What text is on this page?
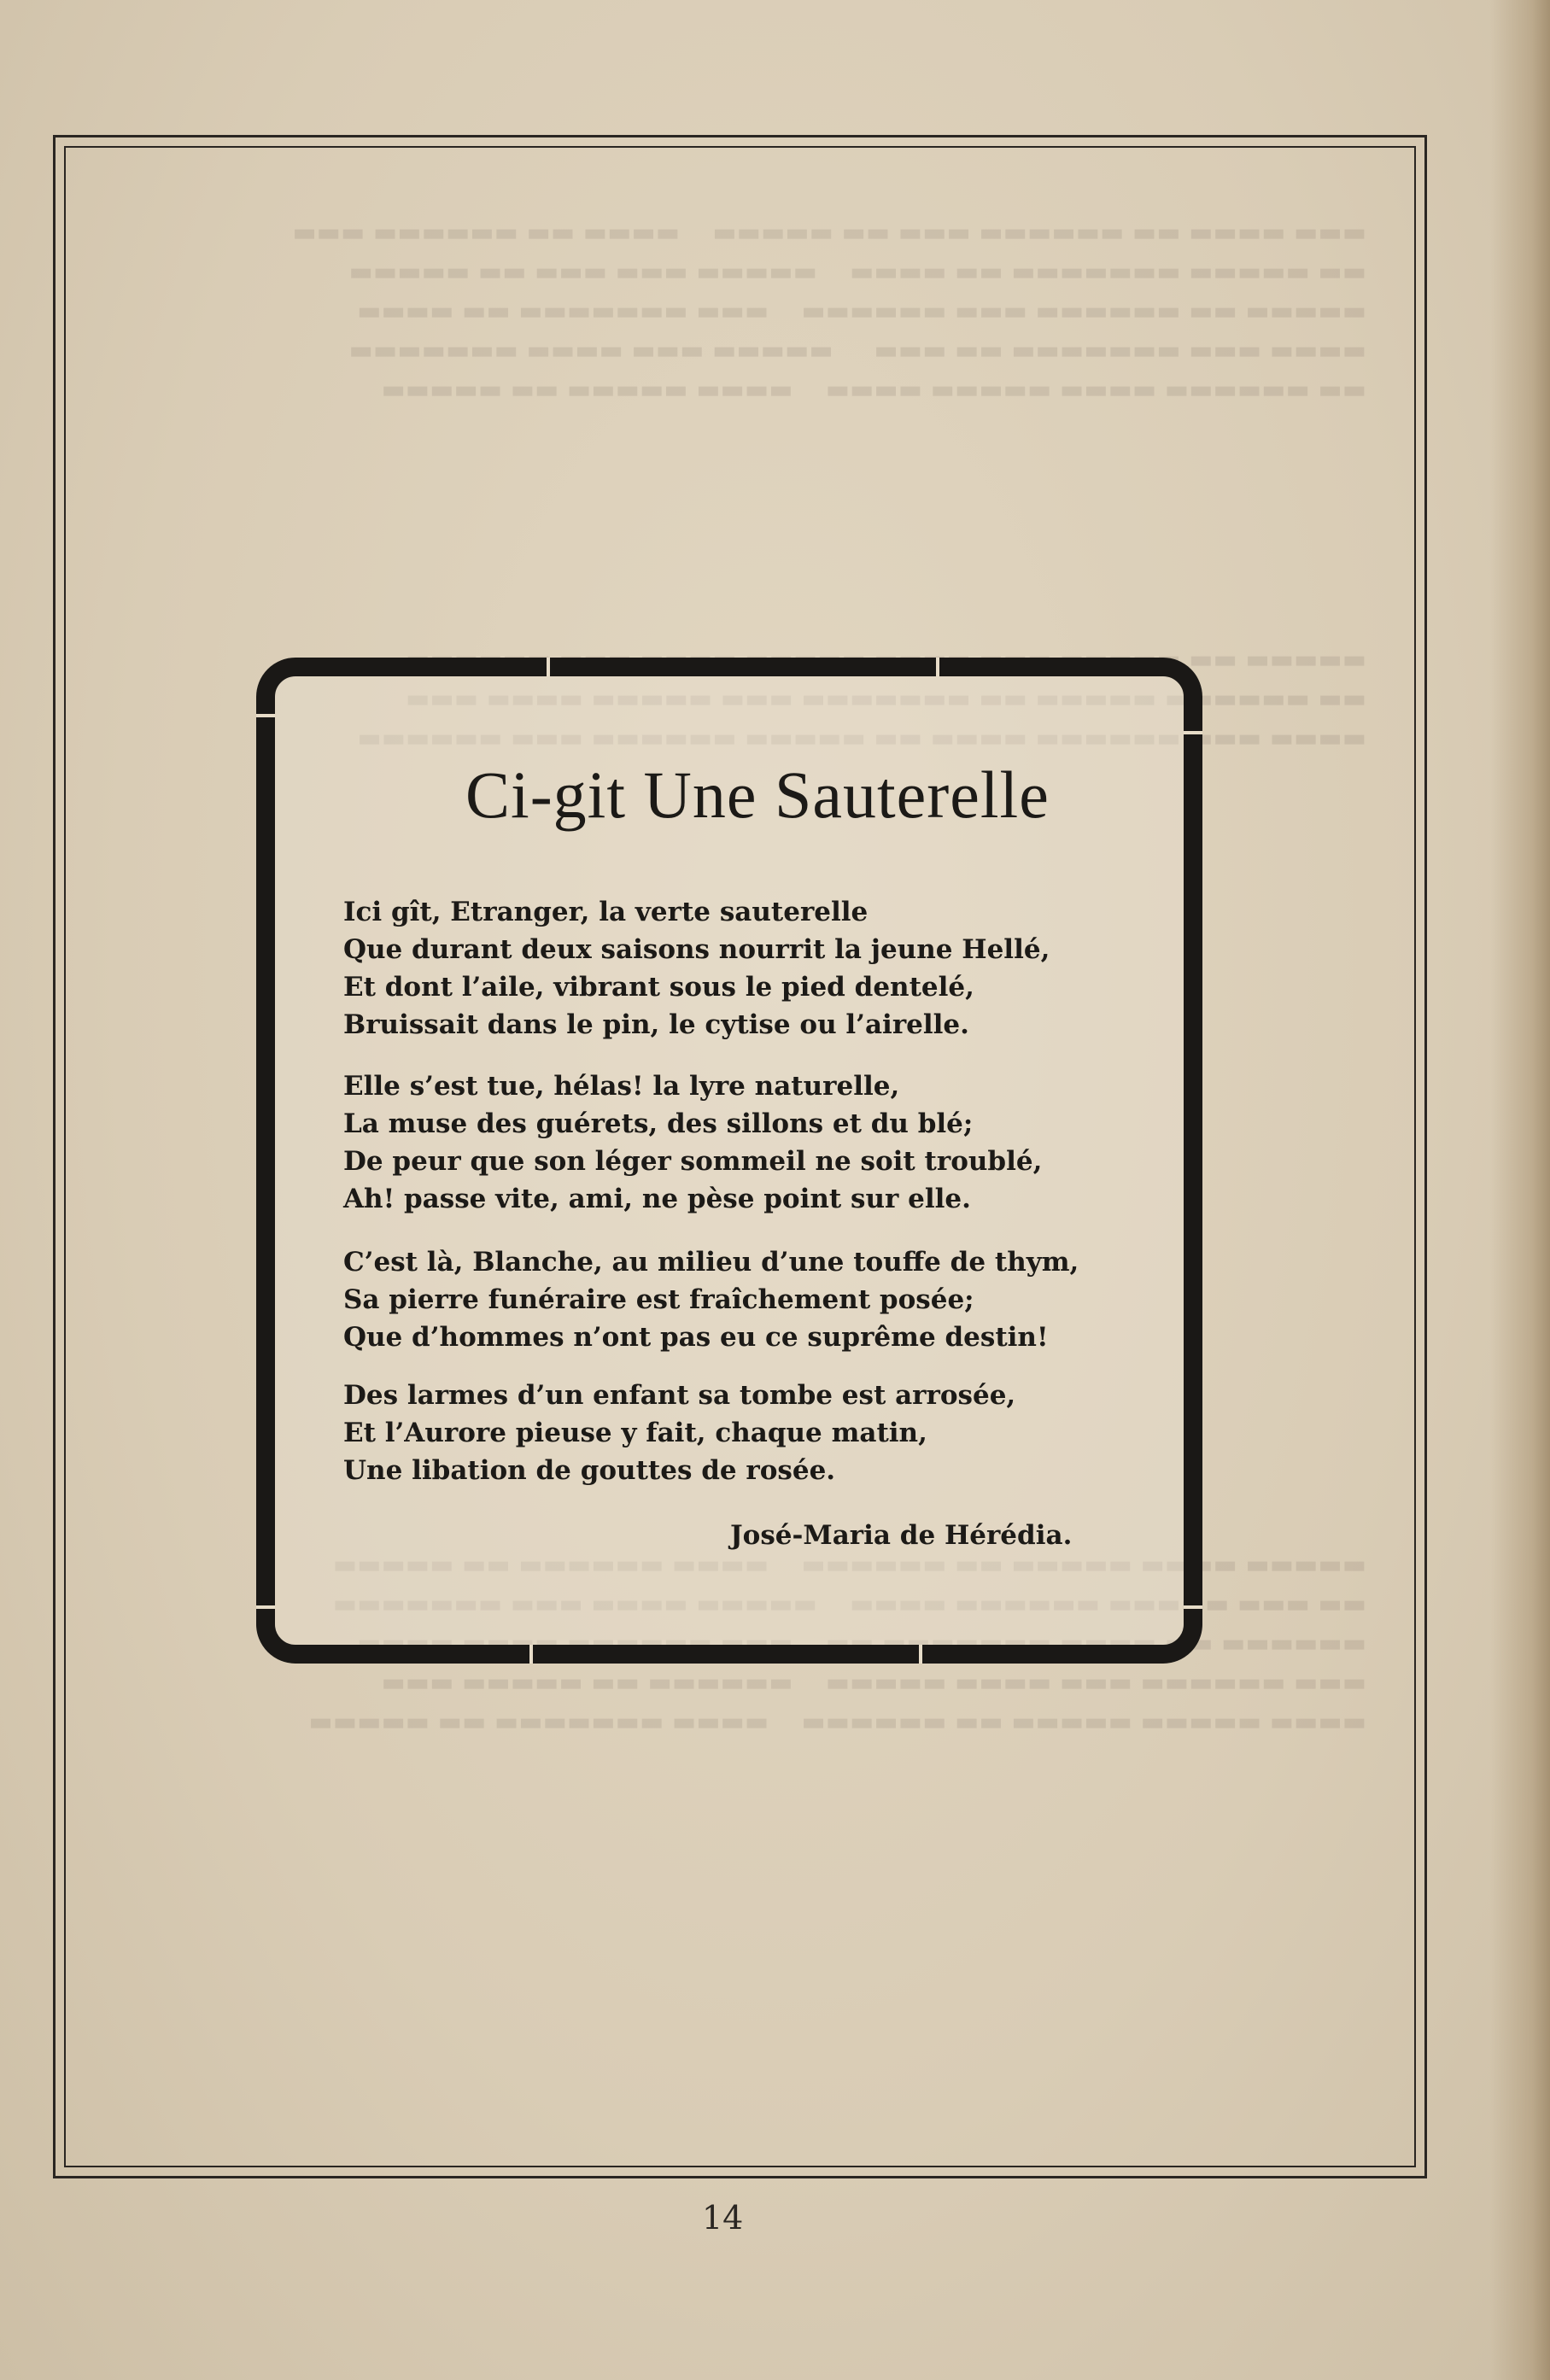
Ci-git Une Sauterelle
Ici gît, Etranger, la verte sauterelle
Que durant deux saisons nourrit la jeune Hellé,
Et dont l’aile, vibrant sous le pied dentelé,
Bruissait dans le pin, le cytise ou l’airelle.
Elle s’est tue, hélas! la lyre naturelle,
La muse des guérets, des sillons et du blé;
De peur que son léger sommeil ne soit troublé,
Ah! passe vite, ami, ne pèse point sur elle.
C’est là, Blanche, au milieu d’une touffe de thym,
Sa pierre funéraire est fraîchement posée;
Que d’hommes n’ont pas eu ce suprême destin!
Des larmes d’un enfant sa tombe est arrosée,
Et l’Aurore pieuse y fait, chaque matin,
Une libation de gouttes de rosée.
José-Maria de Hérédia.
14
